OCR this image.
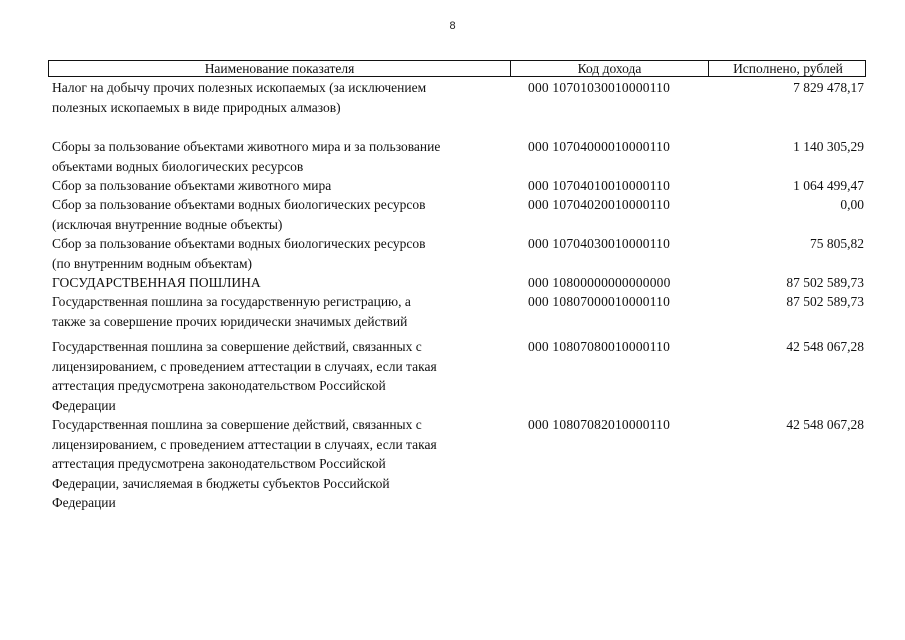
8
Наименование показателя	Код дохода	Исполнено, рублей
Налог на добычу прочих полезных ископаемых (за исключением
полезных ископаемых в виде природных алмазов)
000 10701030010000110	7 829 478,17
Сборы за пользование объектами животного мира и за пользование
объектами водных биологических ресурсов
000 10704000010000110	1 140 305,29
Сбор за пользование объектами животного мира	000 10704010010000110	1 064 499,47
Сбор за пользование объектами водных биологических ресурсов
(исключая внутренние водные объекты)
000 10704020010000110	0,00
Сбор за пользование объектами водных биологических ресурсов
(по внутренним водным объектам)
000 10704030010000110	75 805,82
ГОСУДАРСТВЕННАЯ ПОШЛИНА	000 10800000000000000	87 502 589,73
Государственная пошлина за государственную регистрацию, а
также за совершение прочих юридически значимых действий
000 10807000010000110	87 502 589,73
Государственная пошлина за совершение действий, связанных с
лицензированием, с проведением аттестации в случаях, если такая
аттестация предусмотрена законодательством Российской
Федерации
000 10807080010000110	42 548 067,28
Государственная пошлина за совершение действий, связанных с
лицензированием, с проведением аттестации в случаях, если такая
аттестация предусмотрена законодательством Российской
Федерации, зачисляемая в бюджеты субъектов Российской
Федерации
000 10807082010000110	42 548 067,28
